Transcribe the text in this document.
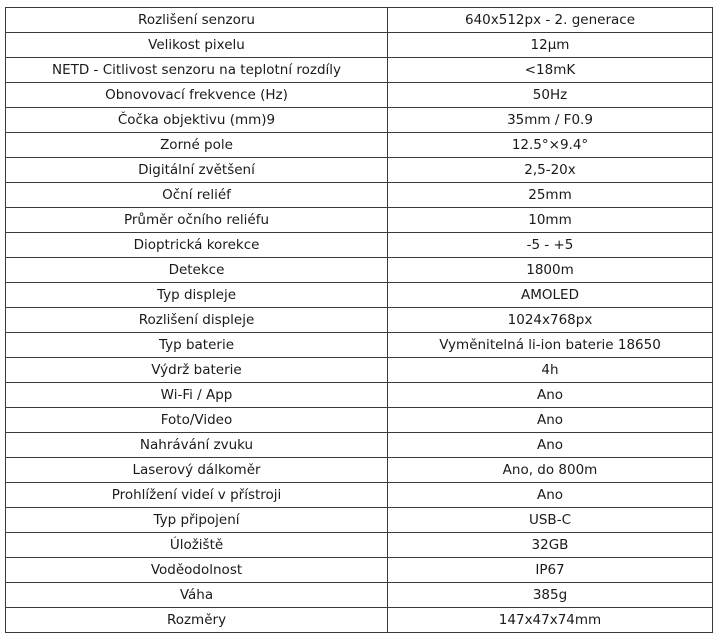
Rozlišení senzoru	640x512px - 2. generace
Velikost pixelu	12μm
NETD - Citlivost senzoru na teplotní rozdíly	<18mK
Obnovovací frekvence (Hz)	50Hz
Čočka objektivu (mm)9	35mm / F0.9
Zorné pole	12.5°×9.4°
Digitální zvětšení	2,5-20x
Oční reliéf	25mm
Průměr očního reliéfu	10mm
Dioptrická korekce	-5 - +5
Detekce	1800m
Typ displeje	AMOLED
Rozlišení displeje	1024x768px
Typ baterie	Vyměnitelná li-ion baterie 18650
Výdrž baterie	4h
Wi-Fi / App	Ano
Foto/Video	Ano
Nahrávání zvuku	Ano
Laserový dálkoměr	Ano, do 800m
Prohlížení videí v přístroji	Ano
Typ připojení	USB-C
Úložiště	32GB
Voděodolnost	IP67
Váha	385g
Rozměry	147x47x74mm
